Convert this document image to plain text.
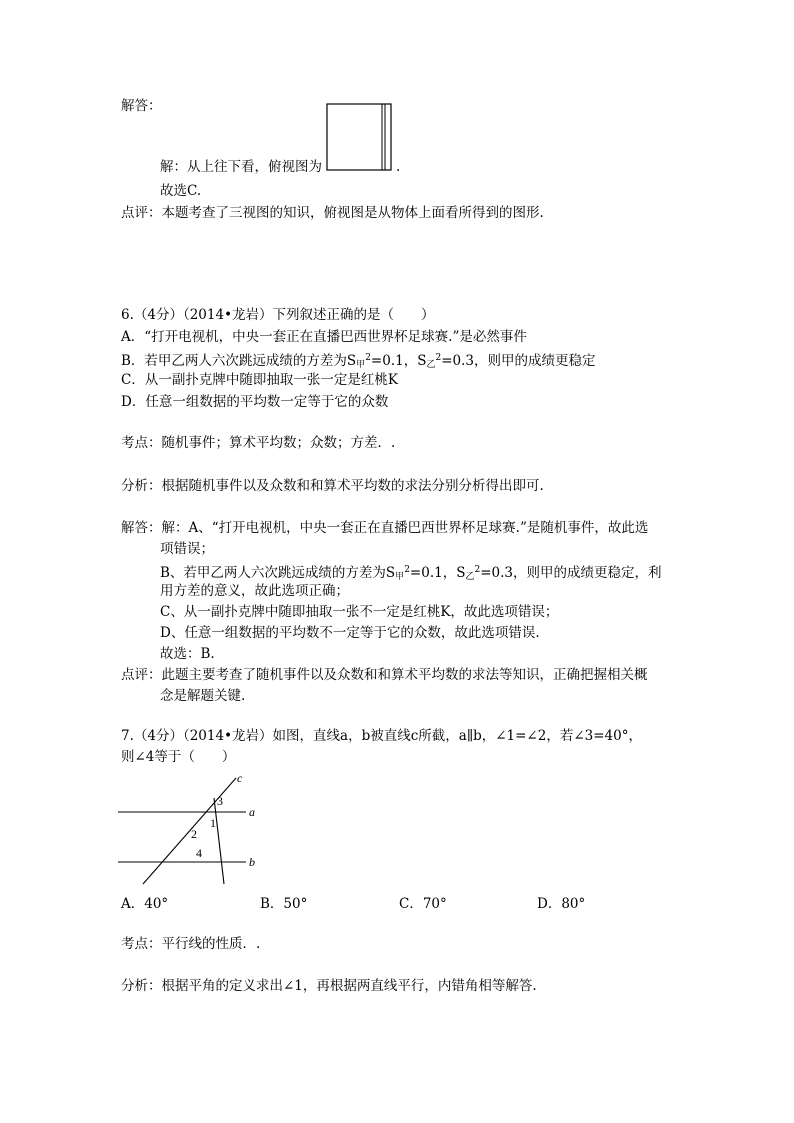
解答：
解：从上往下看，俯视图为	.
故选C.
点评：本题考查了三视图的知识，俯视图是从物体上面看所得到的图形.
6.（4分）（2014•龙岩）下列叙述正确的是（　　）
A．“打开电视机，中央一套正在直播巴西世界杯足球赛.”是必然事件
B．若甲乙两人六次跳远成绩的方差为$S_甲^2=0.1$，$S_乙^2=0.3$，则甲的成绩更稳定
C．从一副扑克牌中随即抽取一张一定是红桃K
D．任意一组数据的平均数一定等于它的众数
考点：随机事件；算术平均数；众数；方差．.
分析：根据随机事件以及众数和和算术平均数的求法分别分析得出即可.
解答：解：A、“打开电视机，中央一套正在直播巴西世界杯足球赛.”是随机事件，故此选
项错误；
B、若甲乙两人六次跳远成绩的方差为$S_甲^2=0.1$，$S_乙^2=0.3$，则甲的成绩更稳定，利
用方差的意义，故此选项正确；
C、从一副扑克牌中随即抽取一张不一定是红桃K，故此选项错误；
D、任意一组数据的平均数不一定等于它的众数，故此选项错误.
故选：B.
点评：此题主要考查了随机事件以及众数和和算术平均数的求法等知识，正确把握相关概
念是解题关键.
7.（4分）（2014•龙岩）如图，直线a，b被直线c所截，a∥b，∠1=∠2，若∠3=40°，
则∠4等于（　　）
c
a
b
3
1
2
4
A．40°	B．50°	C．70°	D．80°
考点：平行线的性质．.
分析：根据平角的定义求出∠1，再根据两直线平行，内错角相等解答.
